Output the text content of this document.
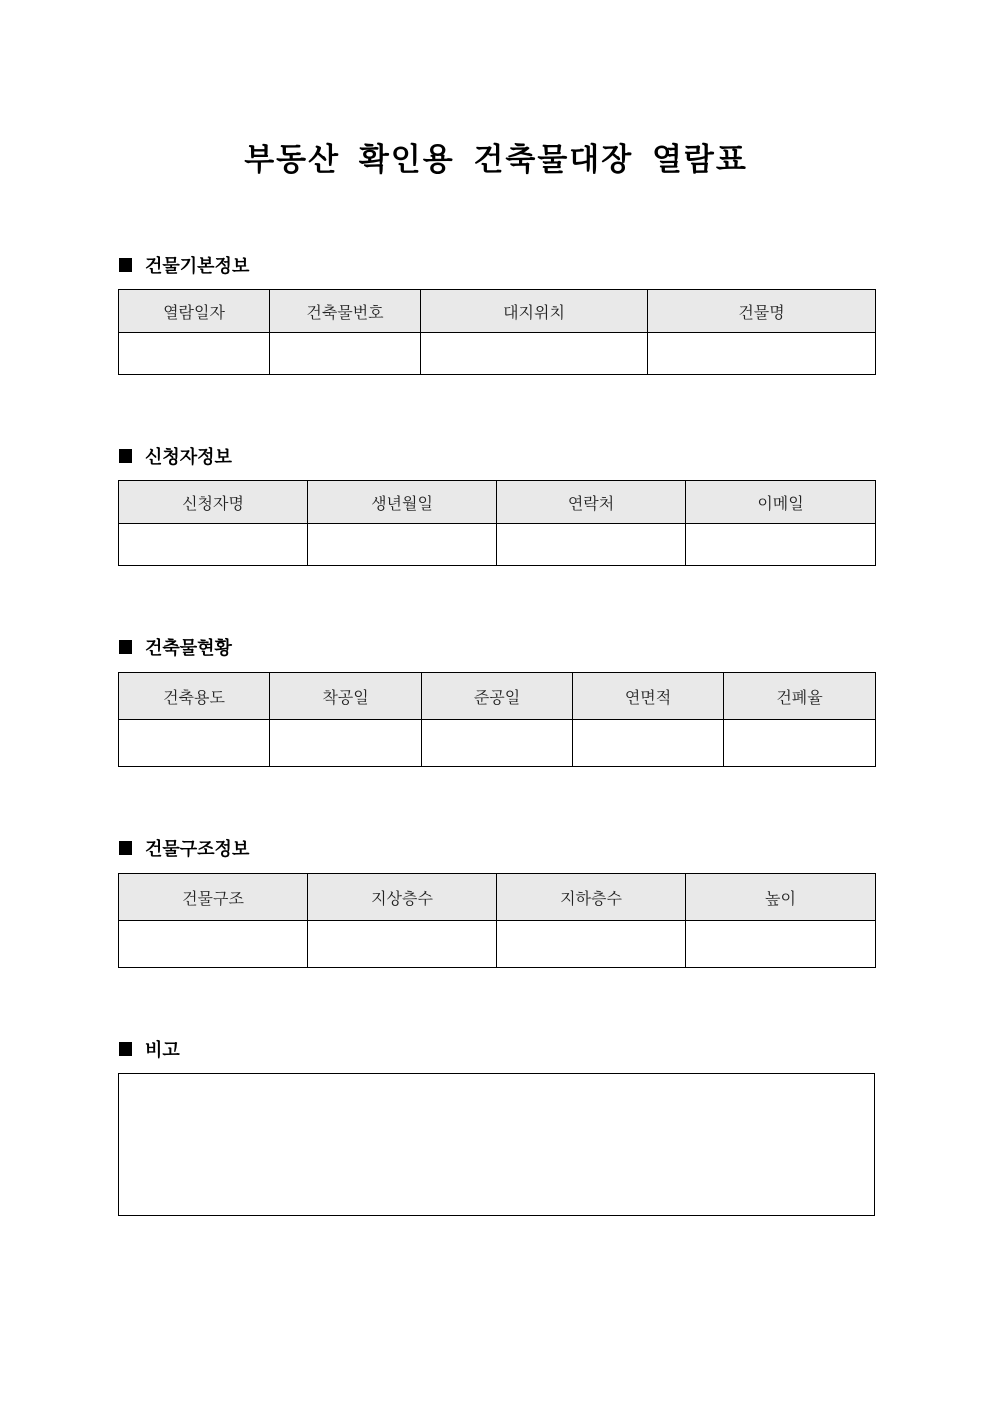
부동산 확인용 건축물대장 열람표
건물기본정보
열람일자	건축물번호	대지위치	건물명

신청자정보
신청자명	생년월일	연락처	이메일

건축물현황
건축용도	착공일	준공일	연면적	건폐율

건물구조정보
건물구조	지상층수	지하층수	높이

비고
